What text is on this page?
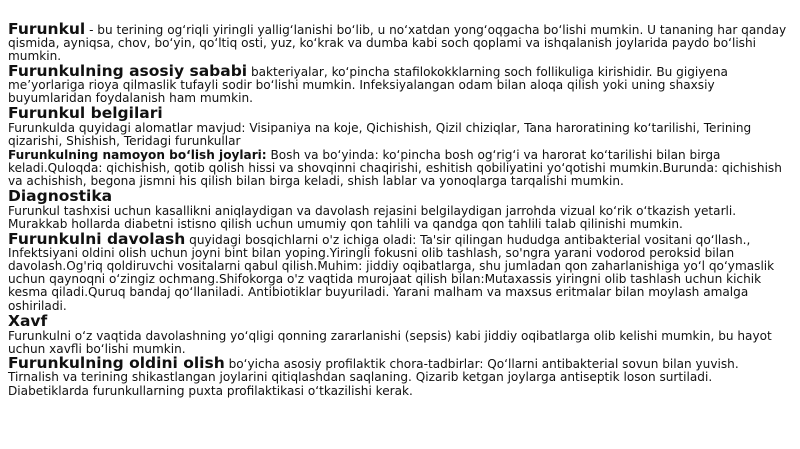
Furunkul - bu terining og‘riqli yiringli yallig‘lanishi bo‘lib, u no‘xatdan yong‘oqgacha bo‘lishi mumkin. U tananing har qanday qismida, ayniqsa, chov, bo‘yin, qo‘ltiq osti, yuz, ko‘krak va dumba kabi soch qoplami va ishqalanish joylarida paydo bo‘lishi mumkin.

Furunkulning asosiy sababi bakteriyalar, ko‘pincha stafilokokklarning soch follikuliga kirishidir. Bu gigiyena me’yorlariga rioya qilmaslik tufayli sodir bo‘lishi mumkin. Infeksiyalangan odam bilan aloqa qilish yoki uning shaxsiy buyumlaridan foydalanish ham mumkin.

Furunkul belgilari

Furunkulda quyidagi alomatlar mavjud: Visipaniya na koje, Qichishish, Qizil chiziqlar, Tana haroratining ko‘tarilishi, Terining qizarishi, Shishish, Teridagi furunkullar

Furunkulning namoyon bo‘lish joylari: Bosh va bo‘yinda: ko‘pincha bosh og‘rig‘i va harorat ko‘tarilishi bilan birga keladi.Quloqda: qichishish, qotib qolish hissi va shovqinni chaqirishi, eshitish qobiliyatini yo‘qotishi mumkin.Burunda: qichishish va achishish, begona jismni his qilish bilan birga keladi, shish lablar va yonoqlarga tarqalishi mumkin.

Diagnostika

Furunkul tashxisi uchun kasallikni aniqlaydigan va davolash rejasini belgilaydigan jarrohda vizual ko‘rik o‘tkazish yetarli. Murakkab hollarda diabetni istisno qilish uchun umumiy qon tahlili va qandga qon tahlili talab qilinishi mumkin.

Furunkulni davolash quyidagi bosqichlarni o'z ichiga oladi: Ta'sir qilingan hududga antibakterial vositani qo‘llash., Infektsiyani oldini olish uchun joyni bint bilan yoping.Yiringli fokusni olib tashlash, so'ngra yarani vodorod peroksid bilan davolash.Og'riq qoldiruvchi vositalarni qabul qilish.Muhim: jiddiy oqibatlarga, shu jumladan qon zaharlanishiga yo‘l qo‘ymaslik uchun qaynoqni o‘zingiz ochmang.Shifokorga o'z vaqtida murojaat qilish bilan:Mutaxassis yiringni olib tashlash uchun kichik kesma qiladi.Quruq bandaj qo‘llaniladi. Antibiotiklar buyuriladi. Yarani malham va maxsus eritmalar bilan moylash amalga oshiriladi.

Xavf

Furunkulni o‘z vaqtida davolashning yo‘qligi qonning zararlanishi (sepsis) kabi jiddiy oqibatlarga olib kelishi mumkin, bu hayot uchun xavfli bo‘lishi mumkin.

Furunkulning oldini olish bo‘yicha asosiy profilaktik chora-tadbirlar: Qo‘llarni antibakterial sovun bilan yuvish. Tirnalish va terining shikastlangan joylarini qitiqlashdan saqlaning. Qizarib ketgan joylarga antiseptik loson surtiladi. Diabetiklarda furunkullarning puxta profilaktikasi o‘tkazilishi kerak.
